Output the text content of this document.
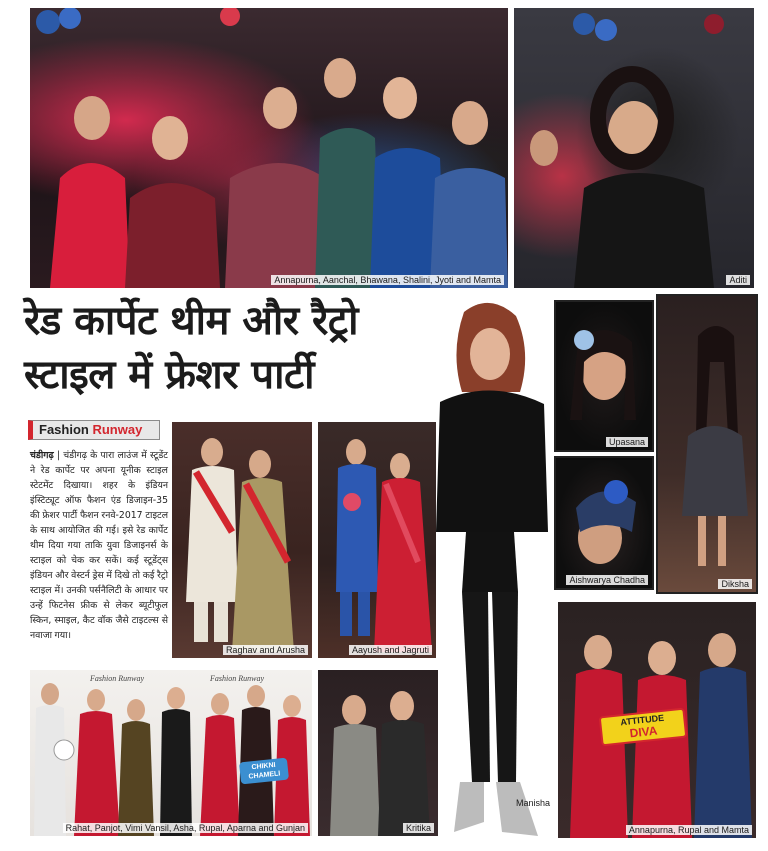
Annapurna, Aanchal, Bhawana, Shalini, Jyoti and Mamta	Aditi
रेड कार्पेट थीम और रैट्रो
स्टाइल में फ्रेशर पार्टी
Fashion Runway
चंडीगढ़ | चंडीगढ़ के पारा लाउंज में स्टूडेंट ने रेड कार्पेट पर अपना यूनीक स्टाइल स्टेटमेंट दिखाया। शहर के इंडियन इंस्टिट्यूट ऑफ फैशन एंड डिजाइन-35 की फ्रेशर पार्टी फैशन रनवे-2017 टाइटल के साथ आयोजित की गई। इसे रेड कार्पेट थीम दिया गया ताकि युवा डिजाइनर्स के स्टाइल को चेक कर सकें। कई स्टूडेंट्स इंडियन और वेस्टर्न ड्रेस में दिखे तो कई रैट्रो स्टाइल में। उनकी पर्सनैलिटी के आधार पर उन्हें फिटनेस फ्रीक से लेकर ब्यूटीफुल स्किन, स्माइल, कैट वॉक जैसे टाइटल्स से नवाजा गया।
Raghav and Arusha	Aayush and Jagruti
Manisha
Upasana
Aishwarya Chadha	Diksha
Fashion Runway	Fashion Runway
CHIKNI
CHAMELI
Rahat, Panjot, Vimi Vansil, Asha, Rupal, Aparna and Gunjan	Kritika
ATTITUDE
DIVA
Annapurna, Rupal and Mamta
